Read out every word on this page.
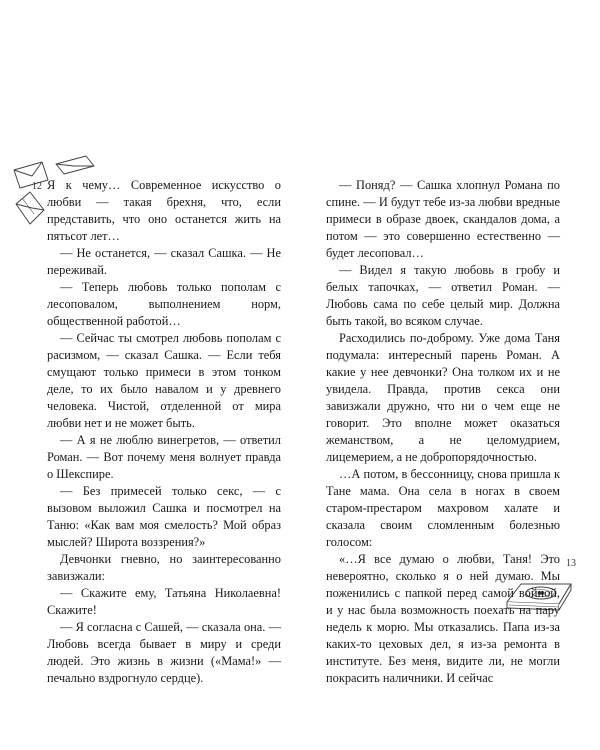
12 Я к чему… Современное искусство о любви — такая брехня, что, если представить, что оно останется жить на пятьсот лет…

— Не останется, — сказал Сашка. — Не переживай.

— Теперь любовь только пополам с лесоповалом, выполнением норм, общественной работой…

— Сейчас ты смотрел любовь пополам с расизмом, — сказал Сашка. — Если тебя смущают только примеси в этом тонком деле, то их было навалом и у древнего человека. Чистой, отделенной от мира любви нет и не может быть.

— А я не люблю винегретов, — ответил Роман. — Вот почему меня волнует правда о Шекспире.

— Без примесей только секс, — с вызовом выложил Сашка и посмотрел на Таню: «Как вам моя смелость? Мой образ мыслей? Широта воззрения?»

Девчонки гневно, но заинтересованно завизжали:

— Скажите ему, Татьяна Николаевна! Скажите!

— Я согласна с Сашей, — сказала она. — Любовь всегда бывает в миру и среди людей. Это жизнь в жизни («Мама!» — печально вздрогнуло сердце).

— Поняд? — Сашка хлопнул Романа по спине. — И будут тебе из-за любви вредные примеси в образе двоек, скандалов дома, а потом — это совершенно естественно — будет лесоповал…

— Видел я такую любовь в гробу и белых тапочках, — ответил Роман. — Любовь сама по себе целый мир. Должна быть такой, во всяком случае.

Расходились по-доброму. Уже дома Таня подумала: интересный парень Роман. А какие у нее девчонки? Она толком их и не увидела. Правда, против секса они завизжали дружно, что ни о чем еще не говорит. Это вполне может оказаться жеманством, а не целомудрием, лицемерием, а не добропорядочностью.

…А потом, в бессонницу, снова пришла к Тане мама. Она села в ногах в своем старом-престаром махровом халате и сказала своим сломленным болезнью голосом:

«…Я все думаю о любви, Таня! Это невероятно, сколько я о ней думаю. Мы поженились с папкой перед самой войной, и у нас была возможность поехать на пару недель к морю. Мы отказались. Папа из-за каких-то цеховых дел, я из-за ремонта в институте. Без меня, видите ли, не могли покрасить наличники. И сейчас

13
